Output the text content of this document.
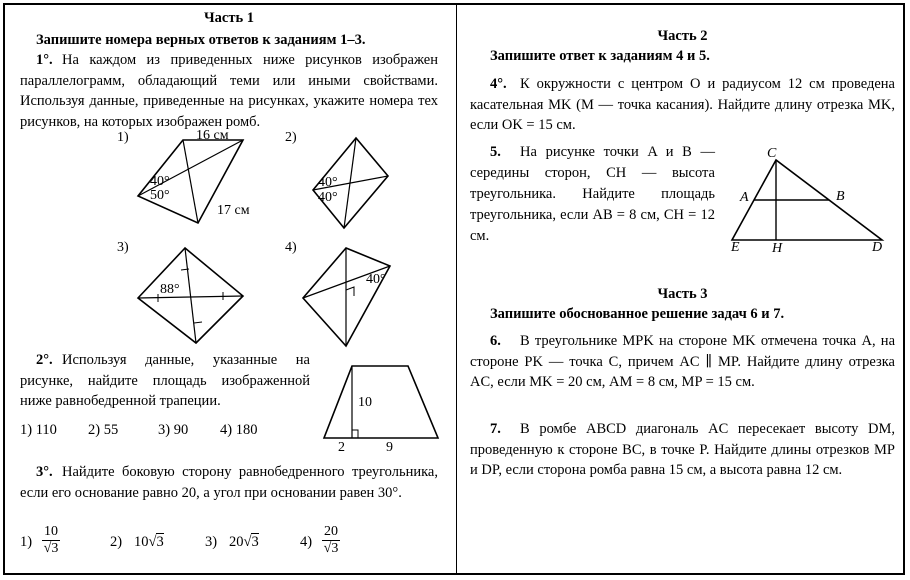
Часть 1
Запишите номера верных ответов к заданиям 1–3.
1°. На каждом из приведенных ниже рисунков изображен параллелограмм, обладающий теми или иными свойствами. Используя данные, приведенные на рисунках, укажите номера тех рисунков, на которых изображен ромб.
1)	16 см
40°
50°
17 см
2)
40°
40°
3)
88°
4)
40°
2°. Используя данные, указанные на рисунке, найдите площадь изображенной ниже равнобедренной трапеции.
1) 110 2) 55	3) 90 4) 180
10
2	9
3°. Найдите боковую сторону равнобедренного треугольника, если его основание равно 20, а угол при основании равен 30°.
$1) \frac{10}{√3}$	2) 10√3	3) 20√3	$4) \frac{20}{√3}$
Часть 2
Запишите ответ к заданиям 4 и 5.
4°. К окружности с центром O и радиусом 12 см проведена касательная MK (M — точка касания). Найдите длину отрезка MK, если OK = 15 см.
5.	На рисунке точки A и B — середины сторон, CH — высота треугольника. Найдите площадь треугольника, если AB = 8 см, CH = 12 см.
C
A	B
E H	D
Часть 3
Запишите обоснованное решение задач 6 и 7.
6.	В треугольнике MPK на стороне MK отмечена точка A, на стороне PK — точка C, причем AC ∥ MP. Найдите длину отрезка AC, если MK = 20 см, AM = 8 см, MP = 15 см.
7.	В ромбе ABCD диагональ AC пересекает высоту DM, проведенную к стороне BC, в точке P. Найдите длины отрезков MP и DP, если сторона ромба равна 15 см, а высота равна 12 см.
